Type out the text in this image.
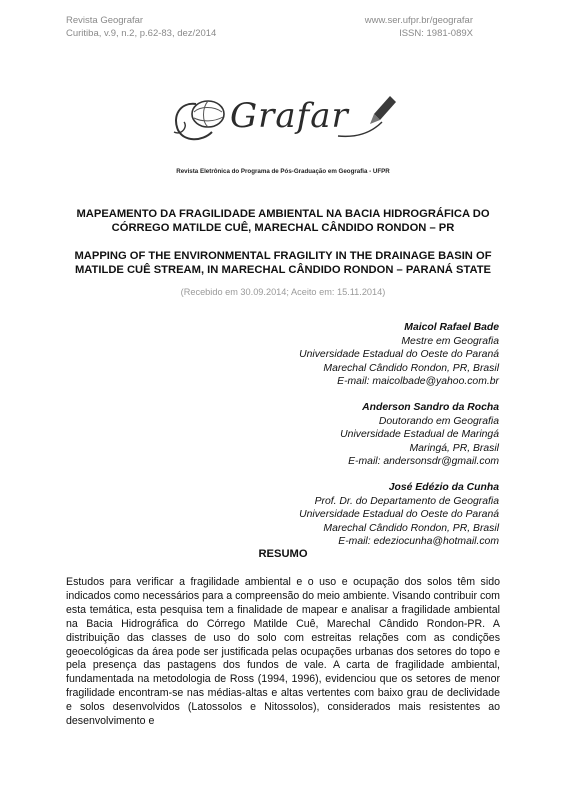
Revista Geografar
Curitiba, v.9, n.2, p.62-83, dez/2014
www.ser.ufpr.br/geografar
ISSN: 1981-089X
Grafar
Revista Eletrônica do Programa de Pós-Graduação em Geografia - UFPR
MAPEAMENTO DA FRAGILIDADE AMBIENTAL NA BACIA HIDROGRÁFICA DO CÓRREGO MATILDE CUÊ, MARECHAL CÂNDIDO RONDON – PR
MAPPING OF THE ENVIRONMENTAL FRAGILITY IN THE DRAINAGE BASIN OF MATILDE CUÊ STREAM, IN MARECHAL CÂNDIDO RONDON – PARANÁ STATE
(Recebido em 30.09.2014; Aceito em: 15.11.2014)
Maicol Rafael Bade
Mestre em Geografia
Universidade Estadual do Oeste do Paraná
Marechal Cândido Rondon, PR, Brasil
E-mail: maicolbade@yahoo.com.br
Anderson Sandro da Rocha
Doutorando em Geografia
Universidade Estadual de Maringá
Maringá, PR, Brasil
E-mail: andersonsdr@gmail.com
José Edézio da Cunha
Prof. Dr. do Departamento de Geografia
Universidade Estadual do Oeste do Paraná
Marechal Cândido Rondon, PR, Brasil
E-mail: edeziocunha@hotmail.com
RESUMO

Estudos para verificar a fragilidade ambiental e o uso e ocupação dos solos têm sido indicados como necessários para a compreensão do meio ambiente. Visando contribuir com esta temática, esta pesquisa tem a finalidade de mapear e analisar a fragilidade ambiental na Bacia Hidrográfica do Córrego Matilde Cuê, Marechal Cândido Rondon-PR. A distribuição das classes de uso do solo com estreitas relações com as condições geoecológicas da área pode ser justificada pelas ocupações urbanas dos setores do topo e pela presença das pastagens dos fundos de vale. A carta de fragilidade ambiental, fundamentada na metodologia de Ross (1994, 1996), evidenciou que os setores de menor fragilidade encontram-se nas médias-altas e altas vertentes com baixo grau de declividade e solos desenvolvidos (Latossolos e Nitossolos), considerados mais resistentes ao desenvolvimento e
